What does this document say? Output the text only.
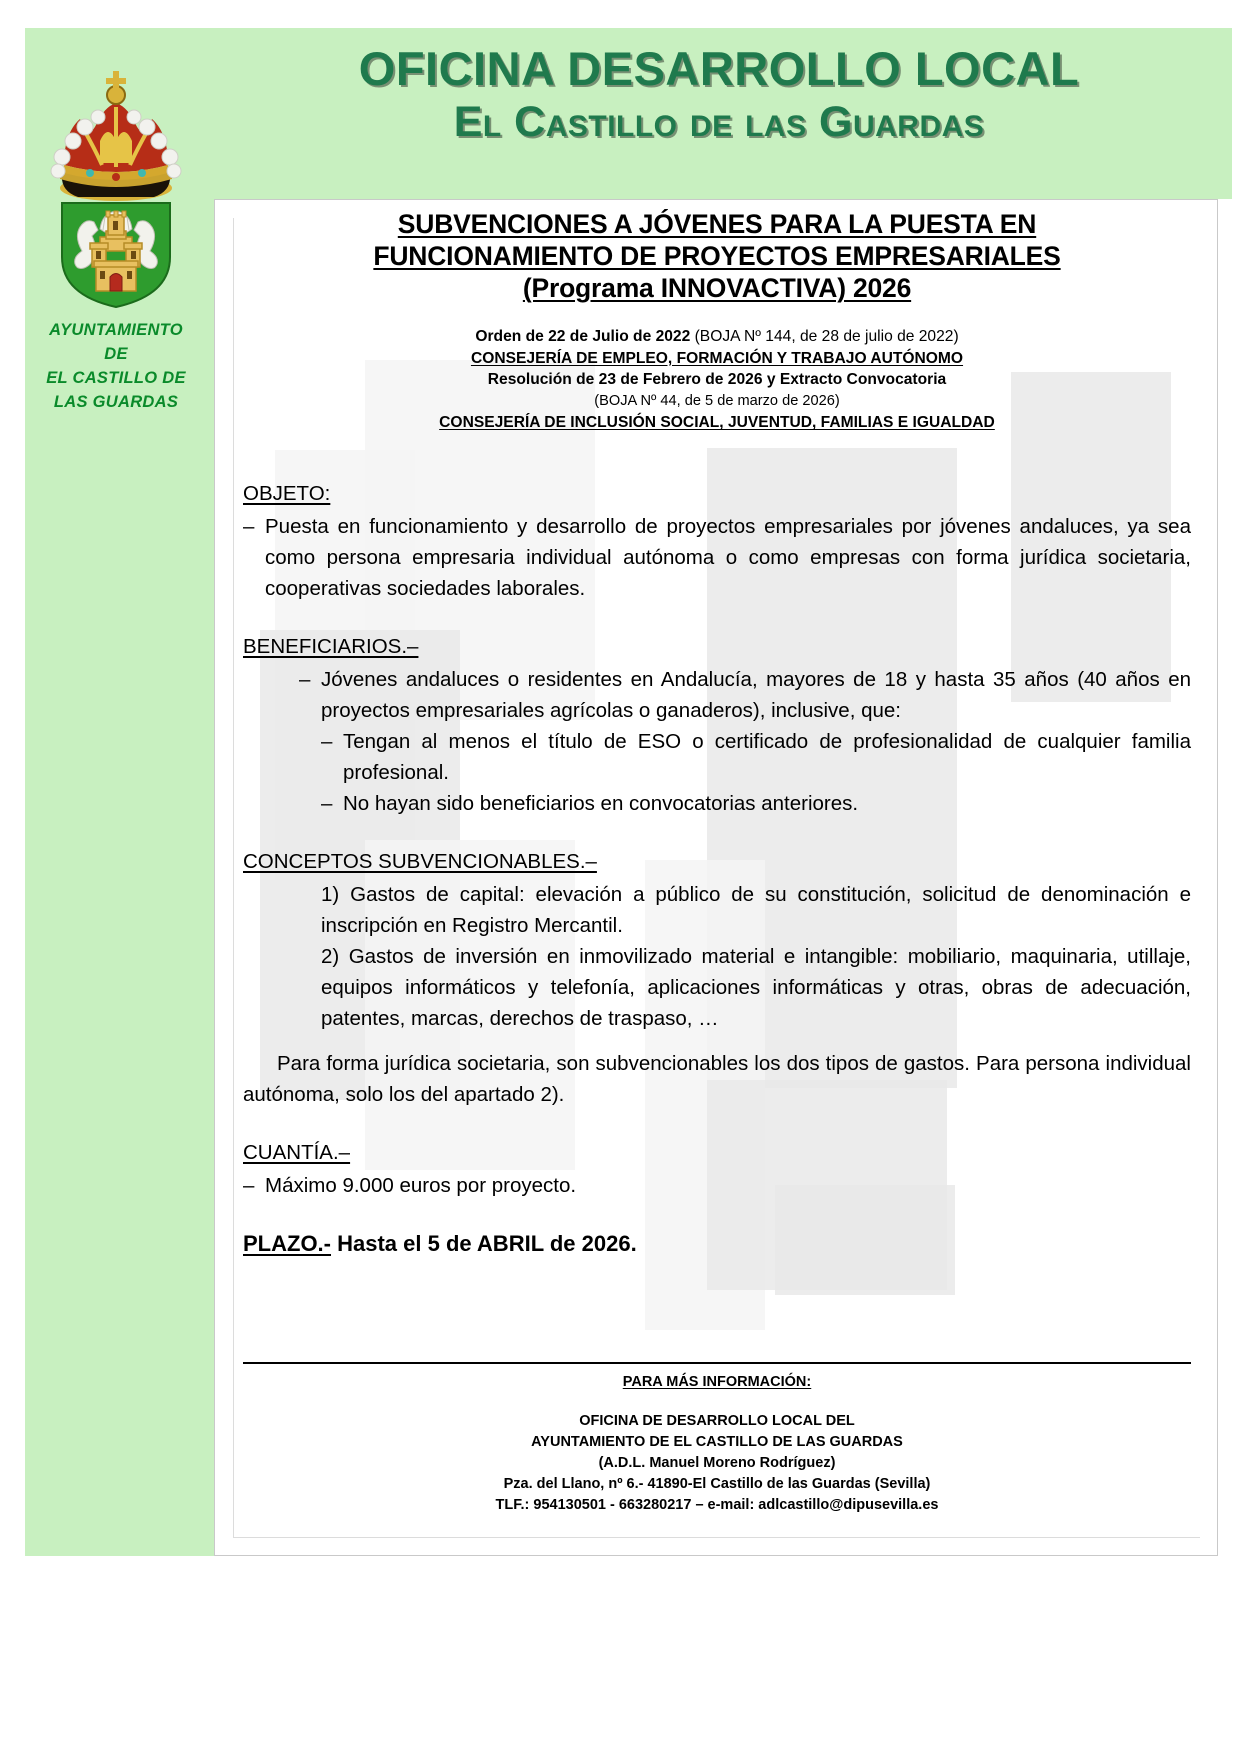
OFICINA DESARROLLO LOCAL
El Castillo de las Guardas
AYUNTAMIENTO
DE
EL CASTILLO DE
LAS GUARDAS
SUBVENCIONES A JÓVENES PARA LA PUESTA EN
FUNCIONAMIENTO DE PROYECTOS EMPRESARIALES
(Programa INNOVACTIVA) 2026
Orden de 22 de Julio de 2022 (BOJA Nº 144, de 28 de julio de 2022)
CONSEJERÍA DE EMPLEO, FORMACIÓN Y TRABAJO AUTÓNOMO
Resolución de 23 de Febrero de 2026 y Extracto Convocatoria
(BOJA Nº 44, de 5 de marzo de 2026)
CONSEJERÍA DE INCLUSIÓN SOCIAL, JUVENTUD, FAMILIAS E IGUALDAD
OBJETO:
– Puesta en funcionamiento y desarrollo de proyectos empresariales por jóvenes andaluces, ya sea como persona empresaria individual autónoma o como empresas con forma jurídica societaria, cooperativas sociedades laborales.
BENEFICIARIOS.–
– Jóvenes andaluces o residentes en Andalucía, mayores de 18 y hasta 35 años (40 años en proyectos empresariales agrícolas o ganaderos), inclusive, que:
– Tengan al menos el título de ESO o certificado de profesionalidad de cualquier familia profesional.
– No hayan sido beneficiarios en convocatorias anteriores.
CONCEPTOS SUBVENCIONABLES.–
1) Gastos de capital: elevación a público de su constitución, solicitud de denominación e inscripción en Registro Mercantil.
2) Gastos de inversión en inmovilizado material e intangible: mobiliario, maquinaria, utillaje, equipos informáticos y telefonía, aplicaciones informáticas y otras, obras de adecuación, patentes, marcas, derechos de traspaso, …
Para forma jurídica societaria, son subvencionables los dos tipos de gastos. Para persona individual autónoma, solo los del apartado 2).
CUANTÍA.–
– Máximo 9.000 euros por proyecto.
PLAZO.- Hasta el 5 de ABRIL de 2026.
PARA MÁS INFORMACIÓN:
OFICINA DE DESARROLLO LOCAL DEL
AYUNTAMIENTO DE EL CASTILLO DE LAS GUARDAS
(A.D.L. Manuel Moreno Rodríguez)
Pza. del Llano, nº 6.- 41890-El Castillo de las Guardas (Sevilla)
TLF.: 954130501 - 663280217 – e-mail: adlcastillo@dipusevilla.es
